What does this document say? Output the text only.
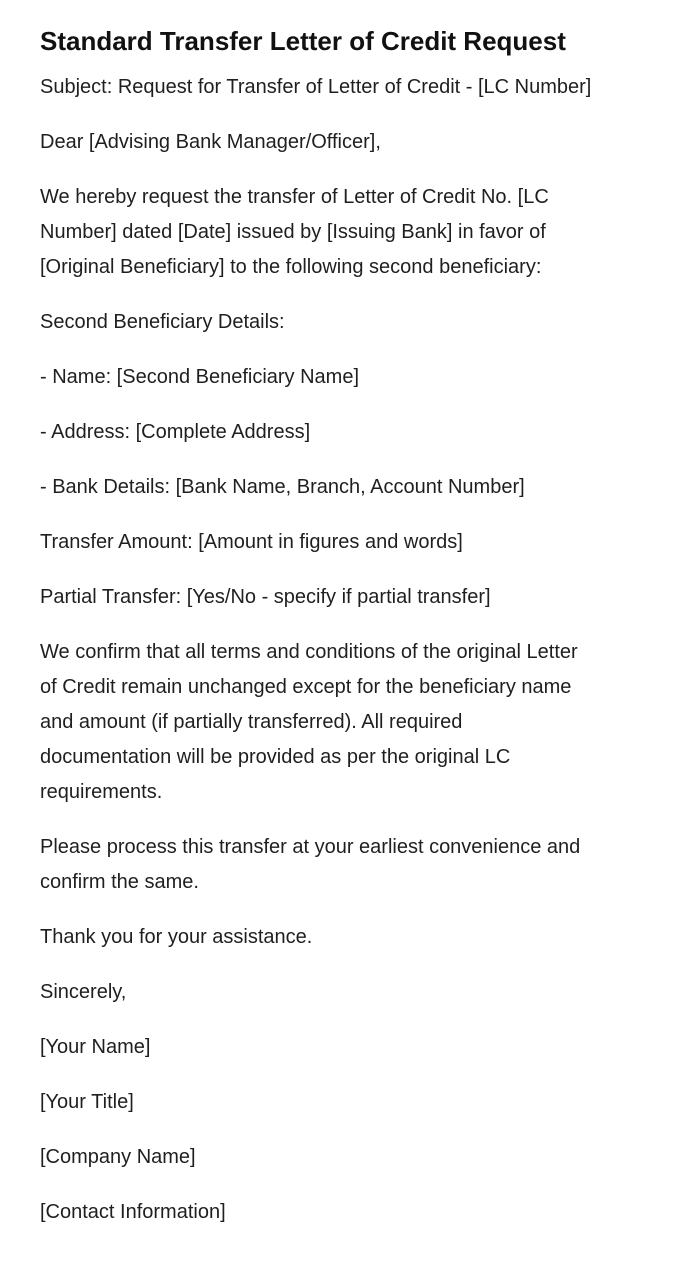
Standard Transfer Letter of Credit Request
Subject: Request for Transfer of Letter of Credit - [LC Number]
Dear [Advising Bank Manager/Officer],
We hereby request the transfer of Letter of Credit No. [LC
Number] dated [Date] issued by [Issuing Bank] in favor of
[Original Beneficiary] to the following second beneficiary:
Second Beneficiary Details:
- Name: [Second Beneficiary Name]
- Address: [Complete Address]
- Bank Details: [Bank Name, Branch, Account Number]
Transfer Amount: [Amount in figures and words]
Partial Transfer: [Yes/No - specify if partial transfer]
We confirm that all terms and conditions of the original Letter
of Credit remain unchanged except for the beneficiary name
and amount (if partially transferred). All required
documentation will be provided as per the original LC
requirements.
Please process this transfer at your earliest convenience and
confirm the same.
Thank you for your assistance.
Sincerely,
[Your Name]
[Your Title]
[Company Name]
[Contact Information]
